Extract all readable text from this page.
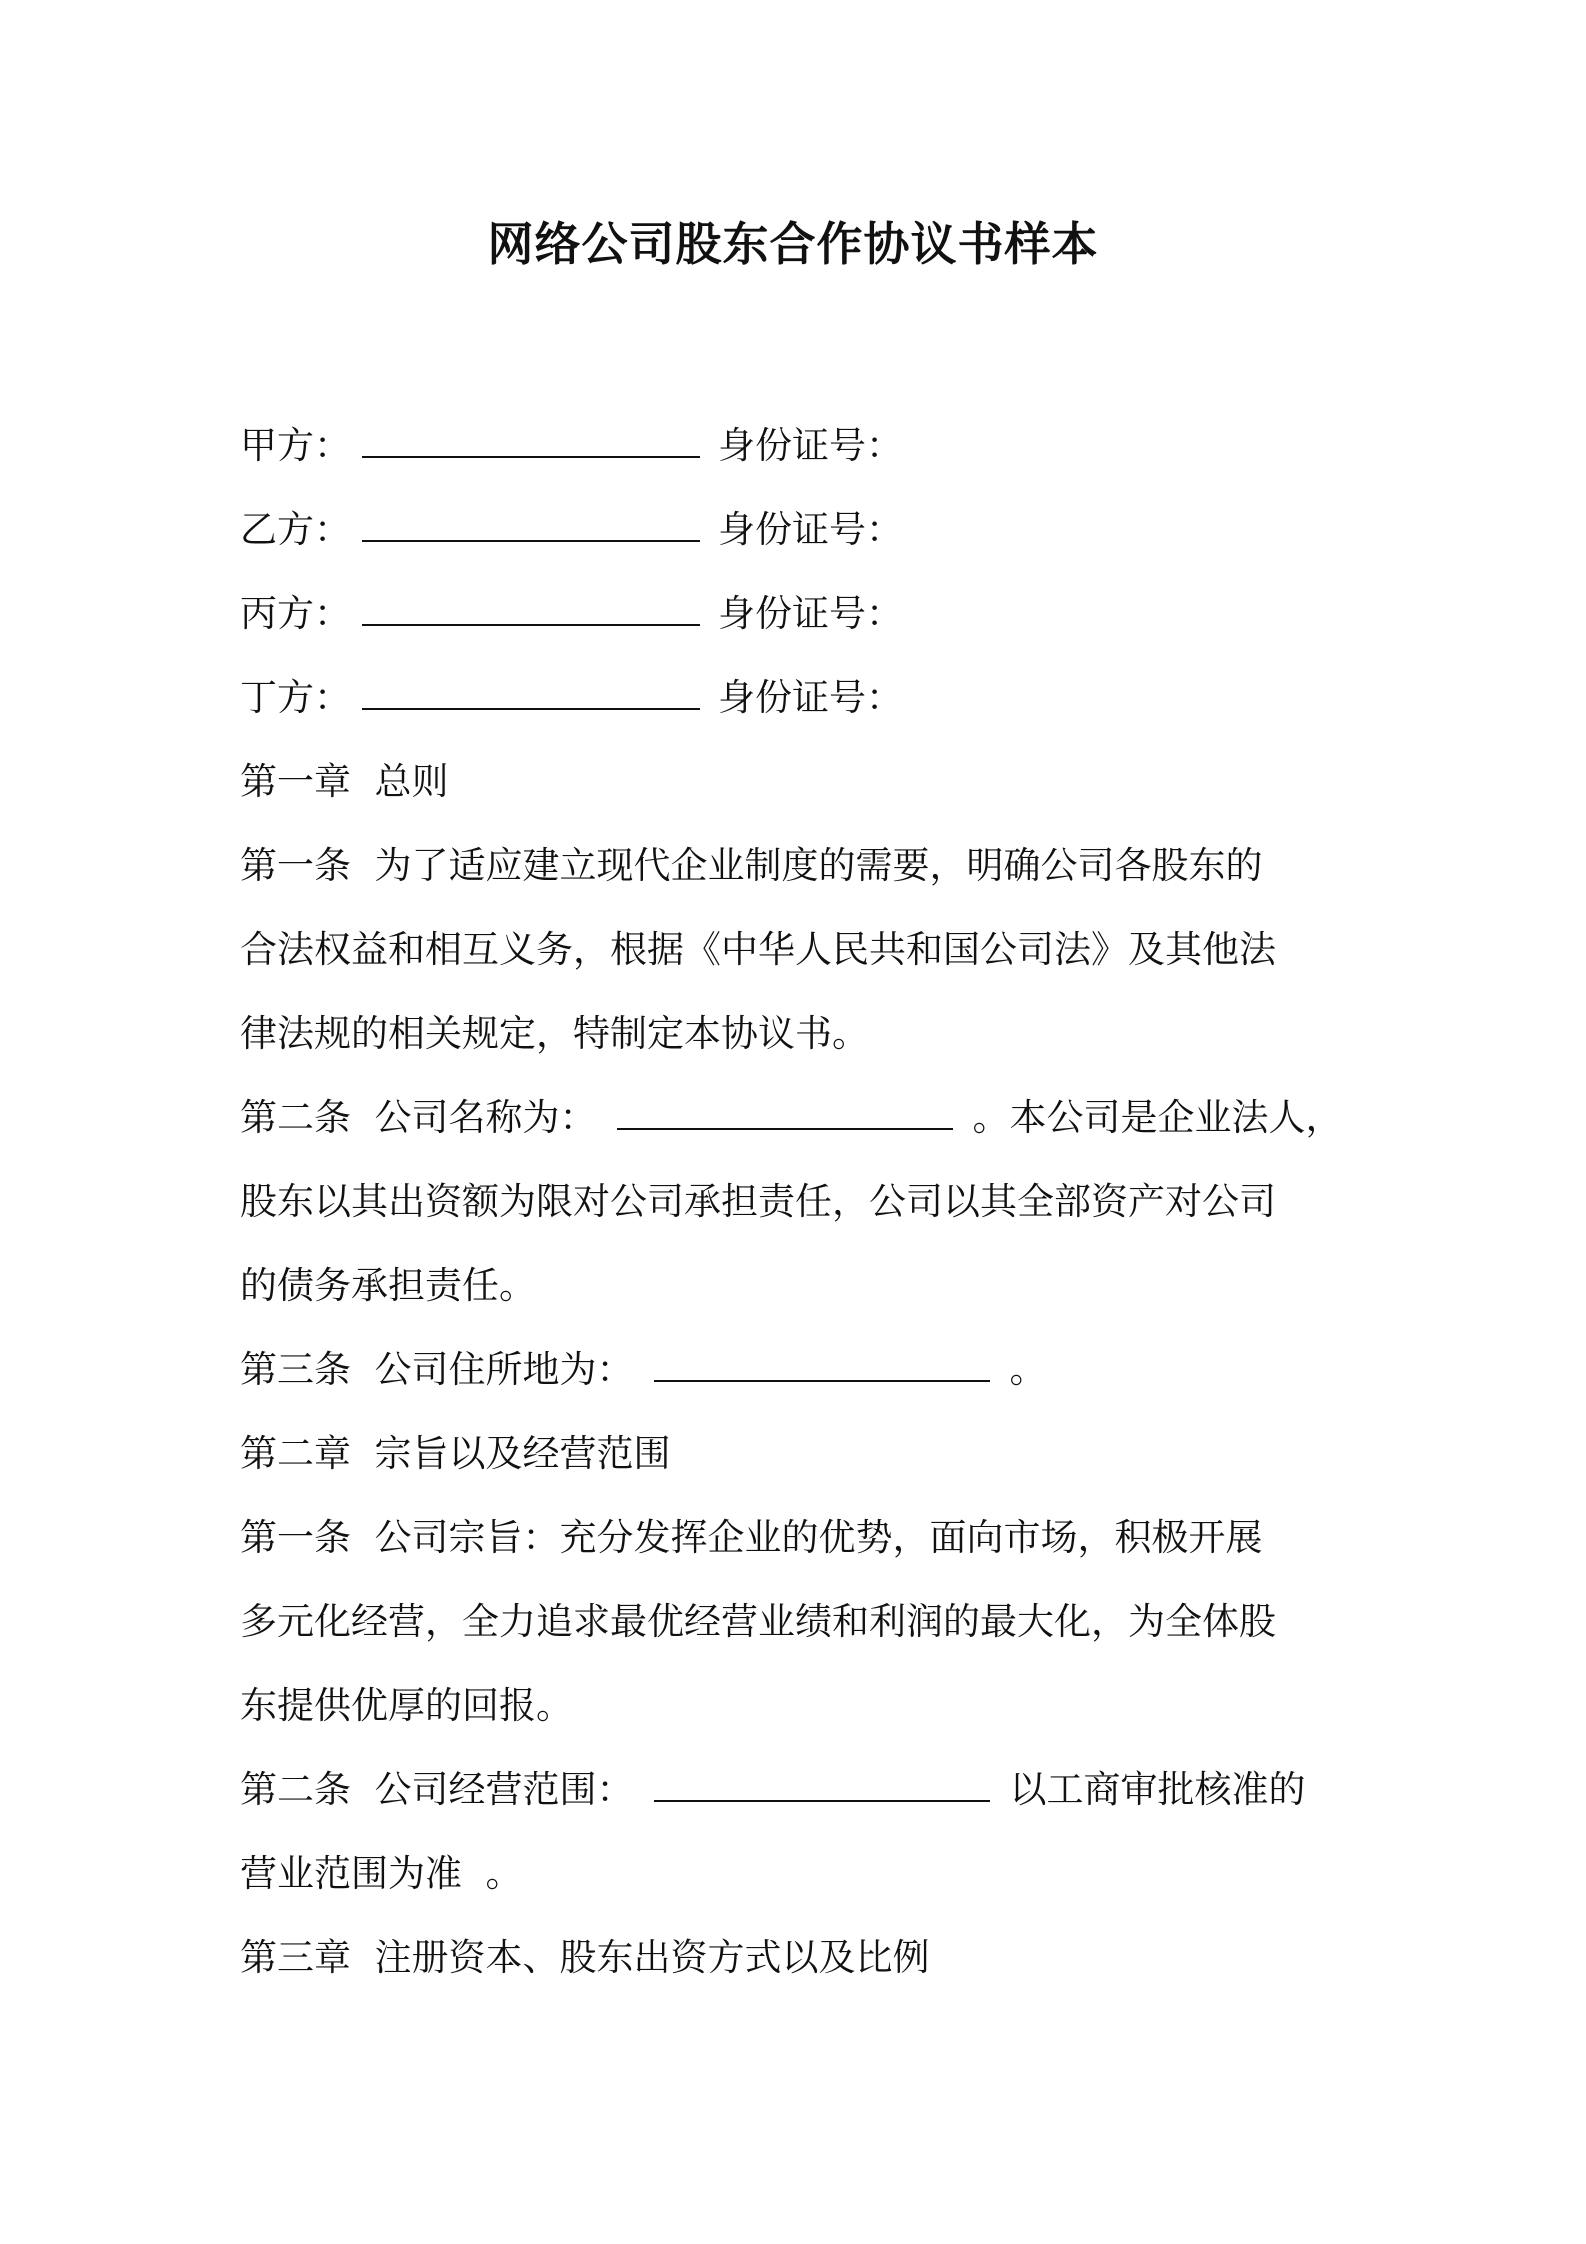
网络公司股东合作协议书样本

甲方：	身份证号：

乙方：	身份证号：

丙方：	身份证号：

丁方：	身份证号：

第一章  总则

第一条  为了适应建立现代企业制度的需要，明确公司各股东的

合法权益和相互义务，根据《中华人民共和国公司法》及其他法

律法规的相关规定，特制定本协议书。

第二条  公司名称为：	。本公司是企业法人，

股东以其出资额为限对公司承担责任，公司以其全部资产对公司

的债务承担责任。

第三条  公司住所地为：	。

第二章  宗旨以及经营范围

第一条  公司宗旨：充分发挥企业的优势，面向市场，积极开展

多元化经营，全力追求最优经营业绩和利润的最大化，为全体股

东提供优厚的回报。

第二条  公司经营范围：	以工商审批核准的

营业范围为准  。

第三章  注册资本、股东出资方式以及比例
